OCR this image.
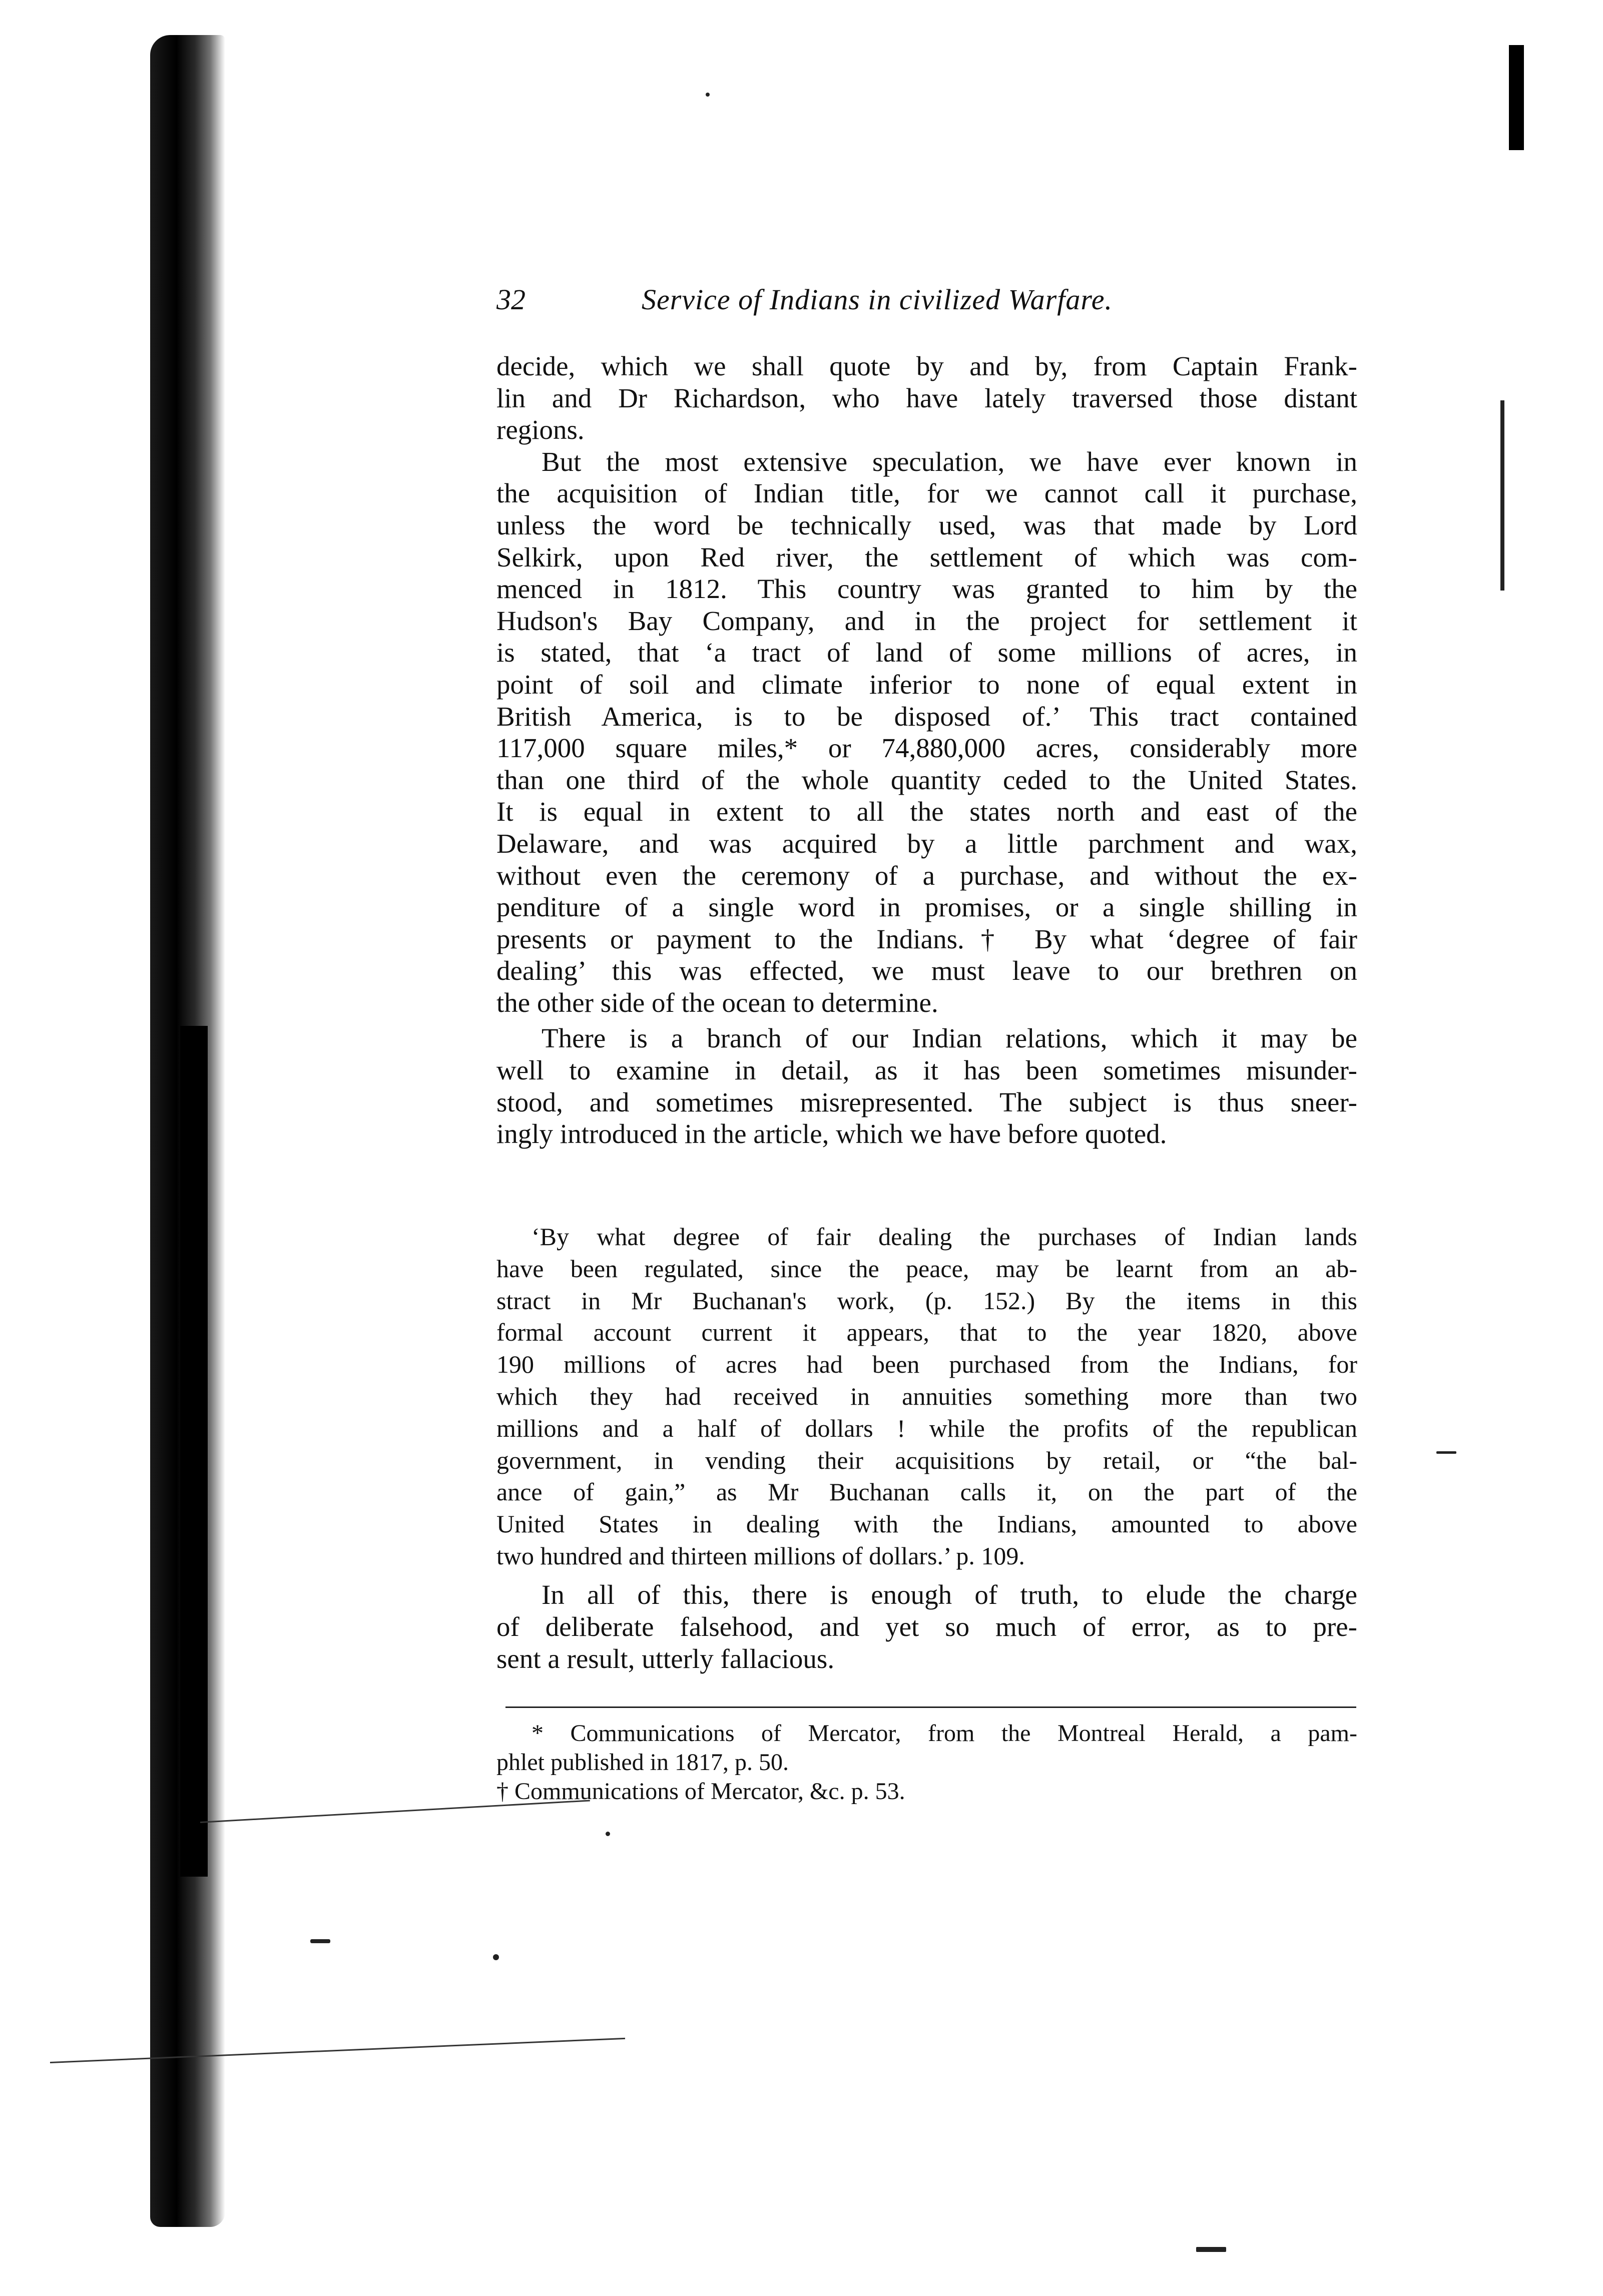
32	Service of Indians in civilized Warfare.
decide, which we shall quote by and by, from Captain Frank-
lin and Dr Richardson, who have lately traversed those distant
regions.
But the most extensive speculation, we have ever known in
the acquisition of Indian title, for we cannot call it purchase,
unless the word be technically used, was that made by Lord
Selkirk, upon Red river, the settlement of which was com-
menced in 1812. This country was granted to him by the
Hudson's Bay Company, and in the project for settlement it
is stated, that ‘a tract of land of some millions of acres, in
point of soil and climate inferior to none of equal extent in
British America, is to be disposed of.’ This tract contained
117,000 square miles,* or 74,880,000 acres, considerably more
than one third of the whole quantity ceded to the United States.
It is equal in extent to all the states north and east of the
Delaware, and was acquired by a little parchment and wax,
without even the ceremony of a purchase, and without the ex-
penditure of a single word in promises, or a single shilling in
presents or payment to the Indians.† By what ‘degree of fair
dealing’ this was effected, we must leave to our brethren on
the other side of the ocean to determine.
There is a branch of our Indian relations, which it may be
well to examine in detail, as it has been sometimes misunder-
stood, and sometimes misrepresented. The subject is thus sneer-
ingly introduced in the article, which we have before quoted.
‘By what degree of fair dealing the purchases of Indian lands
have been regulated, since the peace, may be learnt from an ab-
stract in Mr Buchanan's work, (p. 152.) By the items in this
formal account current it appears, that to the year 1820, above
190 millions of acres had been purchased from the Indians, for
which they had received in annuities something more than two
millions and a half of dollars ! while the profits of the republican
government, in vending their acquisitions by retail, or “the bal-
ance of gain,” as Mr Buchanan calls it, on the part of the
United States in dealing with the Indians, amounted to above
two hundred and thirteen millions of dollars.’ p. 109.
In all of this, there is enough of truth, to elude the charge
of deliberate falsehood, and yet so much of error, as to pre-
sent a result, utterly fallacious.
* Communications of Mercator, from the Montreal Herald, a pam-
phlet published in 1817, p. 50.
† Communications of Mercator, &c. p. 53.
